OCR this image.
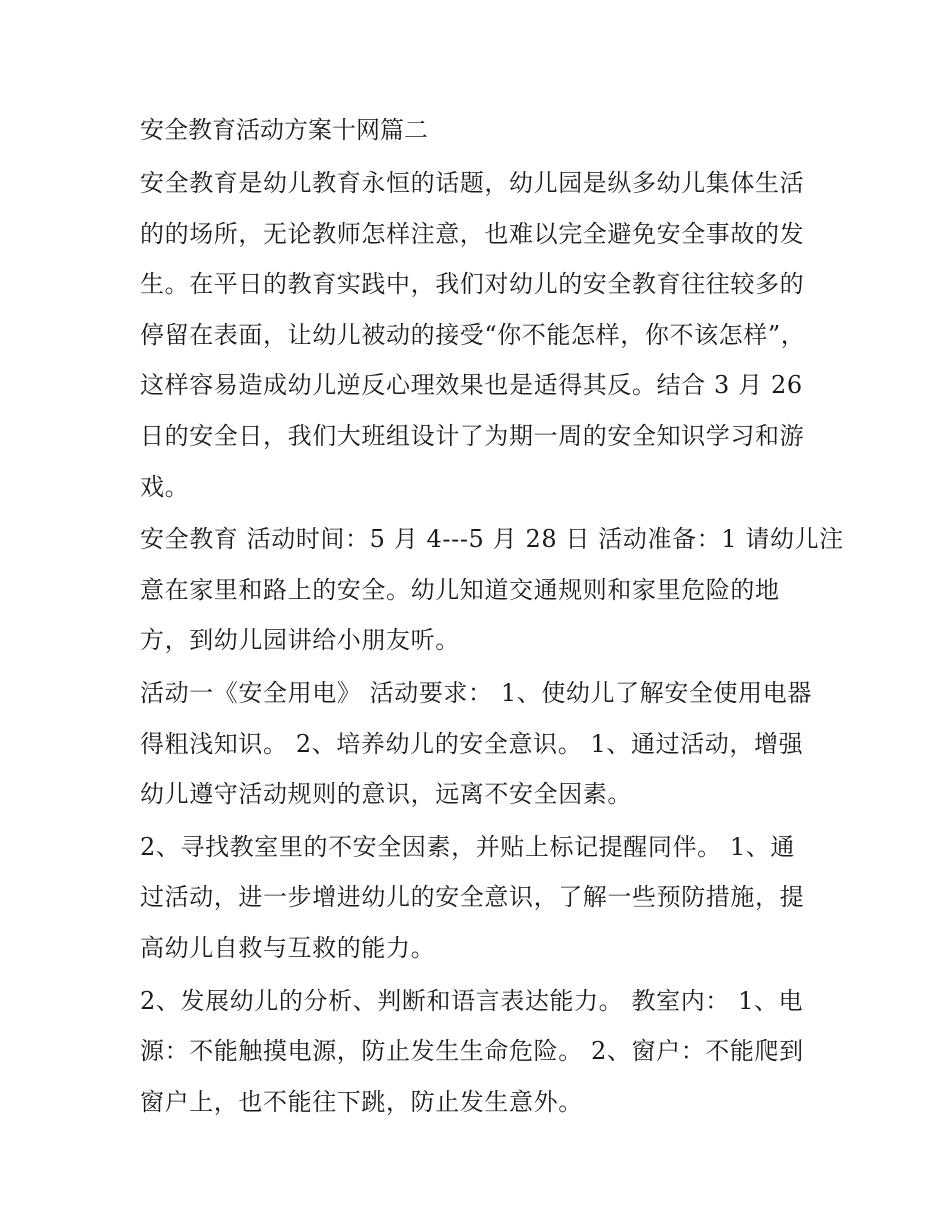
安全教育活动方案十网篇二

安全教育是幼儿教育永恒的话题，幼儿园是纵多幼儿集体生活
的的场所，无论教师怎样注意，也难以完全避免安全事故的发
生。在平日的教育实践中，我们对幼儿的安全教育往往较多的
停留在表面，让幼儿被动的接受“你不能怎样，你不该怎样”，
这样容易造成幼儿逆反心理效果也是适得其反。结合 3 月 26
日的安全日，我们大班组设计了为期一周的安全知识学习和游
戏。

安全教育 活动时间：5 月 4---5 月 28 日 活动准备：1 请幼儿注
意在家里和路上的安全。幼儿知道交通规则和家里危险的地
方，到幼儿园讲给小朋友听。

活动一《安全用电》 活动要求： 1、使幼儿了解安全使用电器
得粗浅知识。 2、培养幼儿的安全意识。 1、通过活动，增强
幼儿遵守活动规则的意识，远离不安全因素。

2、寻找教室里的不安全因素，并贴上标记提醒同伴。 1、通
过活动，进一步增进幼儿的安全意识，了解一些预防措施，提
高幼儿自救与互救的能力。

2、发展幼儿的分析、判断和语言表达能力。 教室内： 1、电
源：不能触摸电源，防止发生生命危险。 2、窗户：不能爬到
窗户上，也不能往下跳，防止发生意外。
